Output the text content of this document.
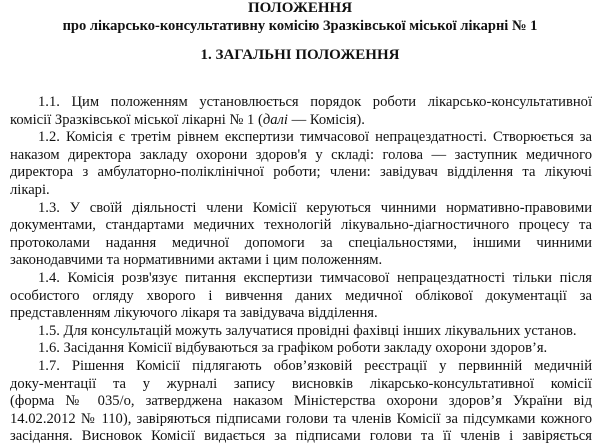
ПОЛОЖЕННЯ
про лікарсько-консультативну комісію Зразківської міської лікарні № 1
1. ЗАГАЛЬНІ ПОЛОЖЕННЯ
1.1. Цим положенням установлюється порядок роботи лікарсько-консультативної
комісії Зразківської міської лікарні № 1 (далі — Комісія).
1.2. Комісія є третім рівнем експертизи тимчасової непрацездатності. Створюється за
наказом директора закладу охорони здоров'я у складі: голова — заступник медичного
директора з амбулаторно-поліклінічної роботи; члени: завідувач відділення та лікуючі
лікарі.
1.3. У своїй діяльності члени Комісії керуються чинними нормативно-правовими
документами, стандартами медичних технологій лікувально-діагностичного процесу та
протоколами надання медичної допомоги за спеціальностями, іншими чинними
законодавчими та нормативними актами і цим положенням.
1.4. Комісія розв'язує питання експертизи тимчасової непрацездатності тільки після
особистого огляду хворого і вивчення даних медичної облікової документації за
представленням лікуючого лікаря та завідувача відділення.
1.5. Для консультацій можуть залучатися провідні фахівці інших лікувальних установ.
1.6. Засідання Комісії відбуваються за графіком роботи закладу охорони здоров’я.
1.7. Рішення Комісії підлягають обов’язковій реєстрації у первинній медичній
доку-ментації та у журналі запису висновків лікарсько-консультативної комісії
(форма № 035/о, затверджена наказом Міністерства охорони здоров’я України від
14.02.2012 № 110), завіряються підписами голови та членів Комісії за підсумками кожного
засідання. Висновок Комісії видається за підписами голови та її членів і завіряється
